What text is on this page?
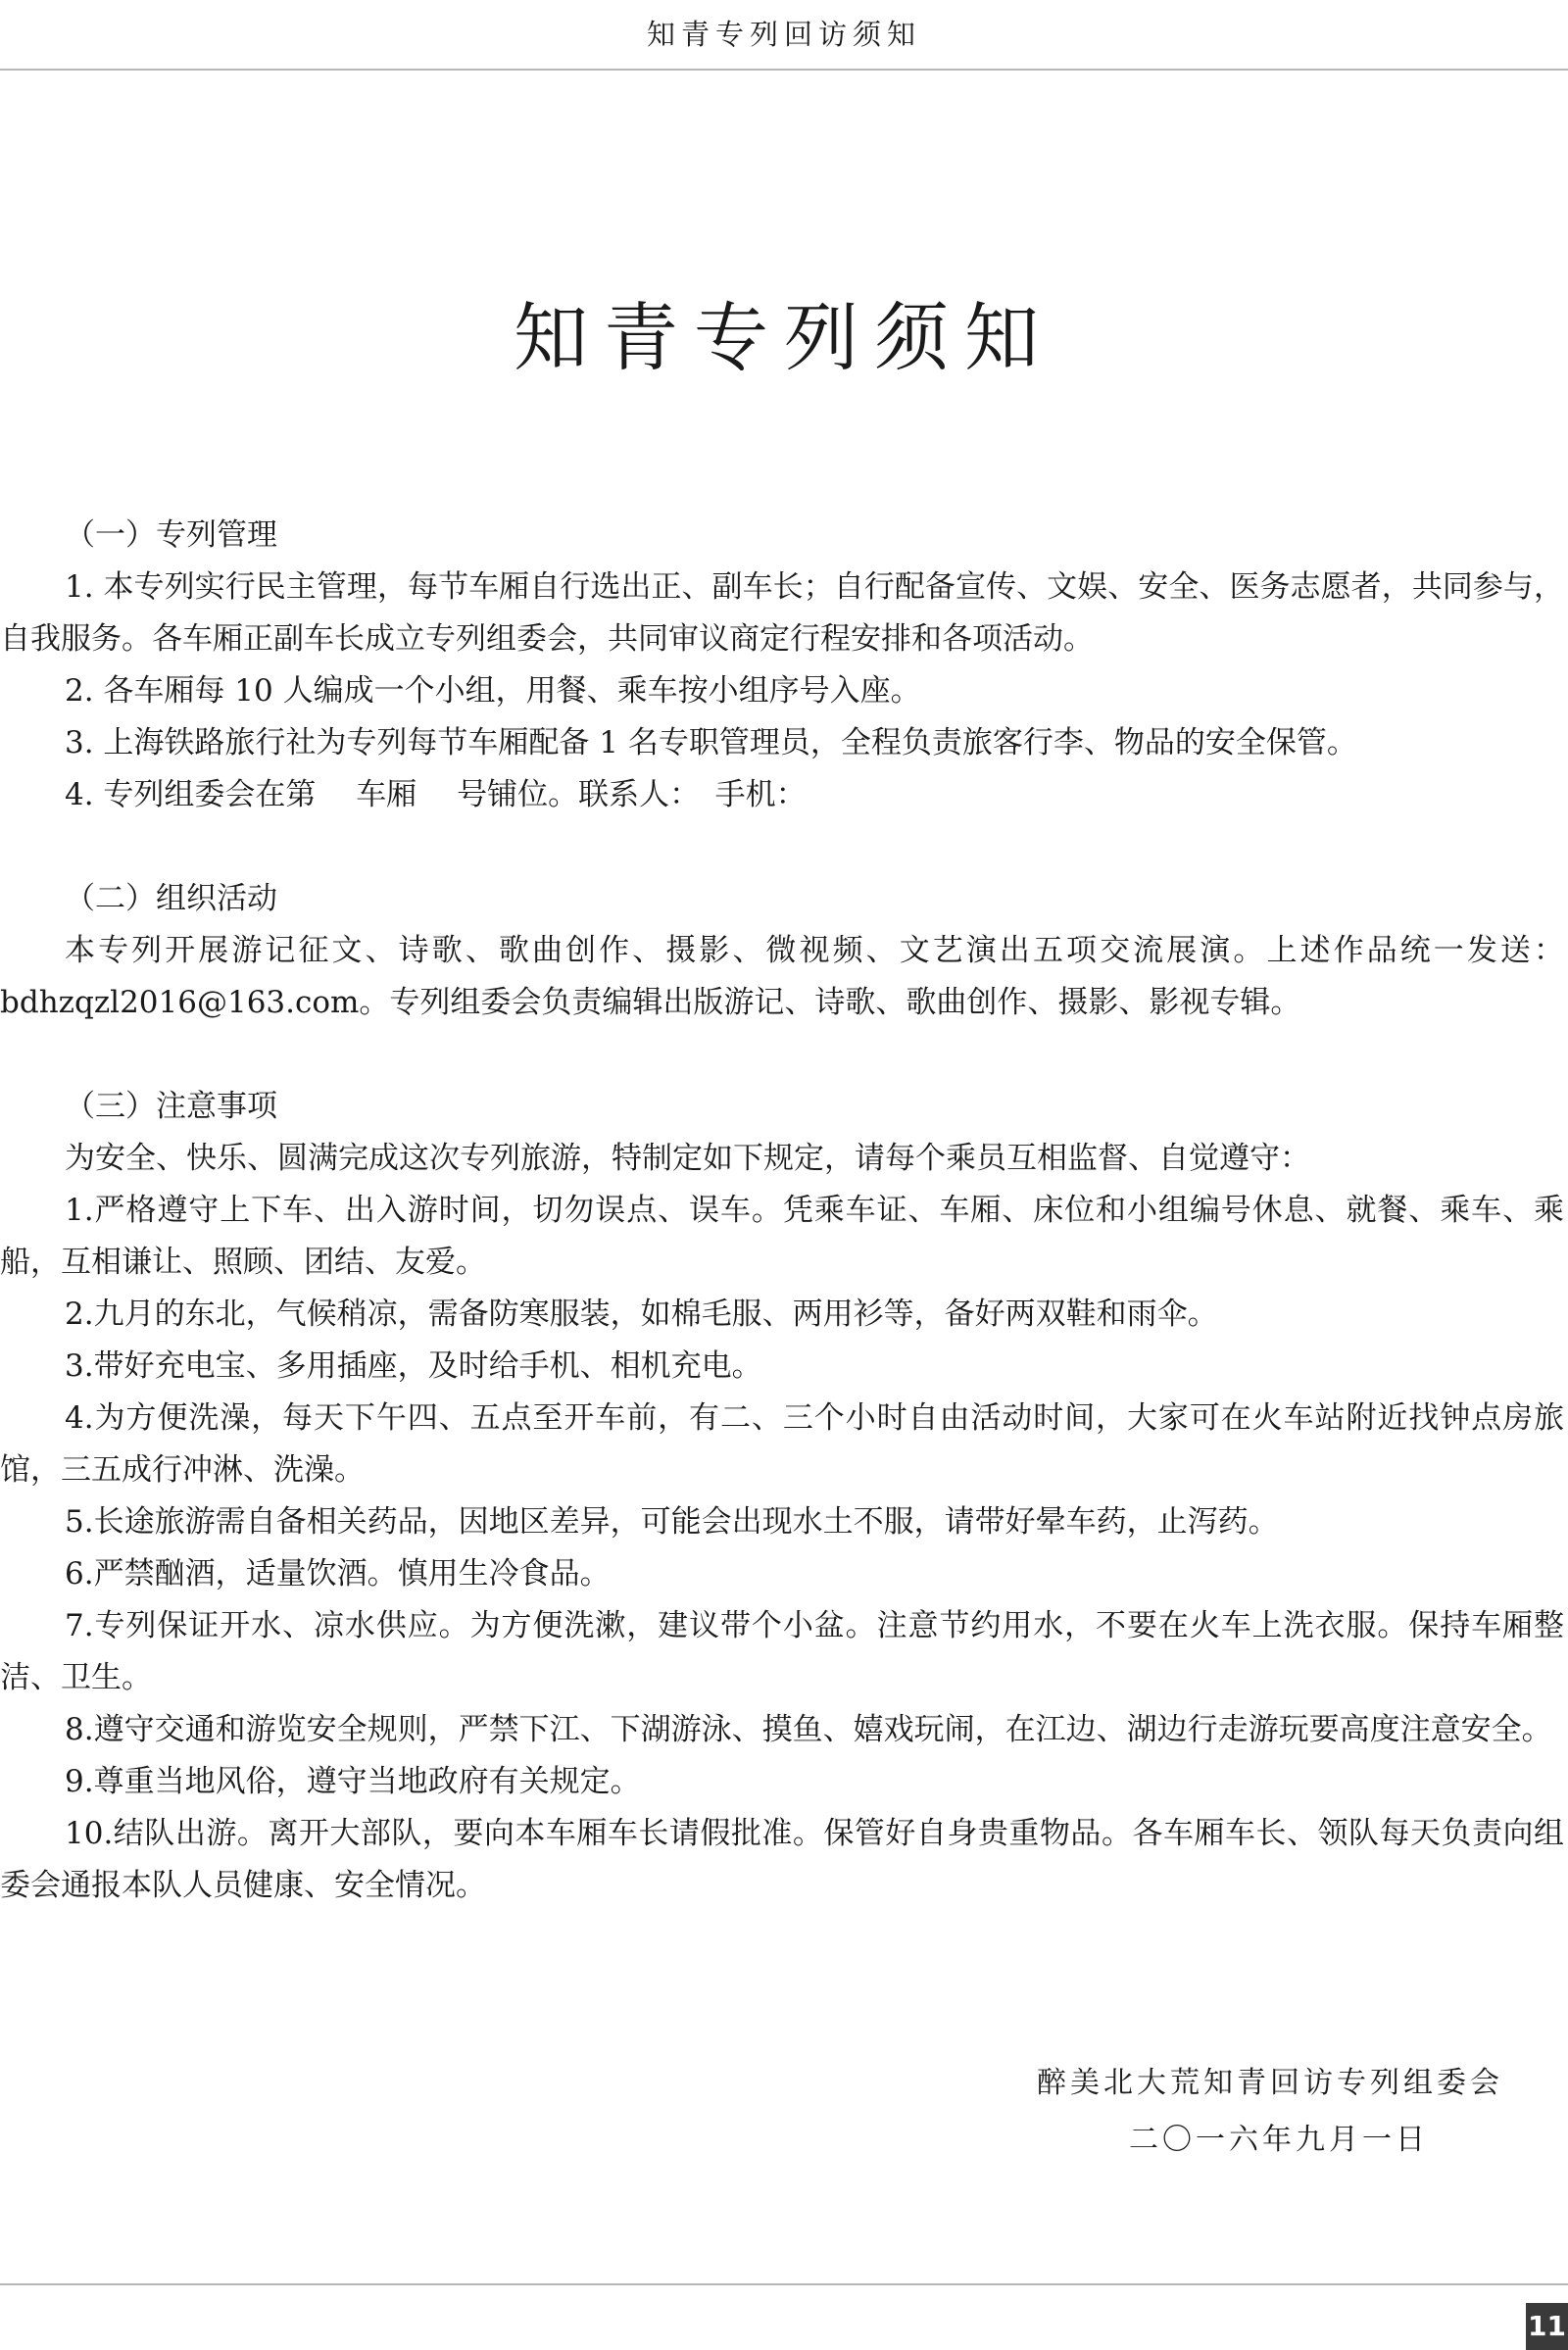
知青专列回访须知
知青专列须知
（一）专列管理

1. 本专列实行民主管理，每节车厢自行选出正、副车长；自行配备宣传、文娱、安全、医务志愿者，共同参与，自我服务。各车厢正副车长成立专列组委会，共同审议商定行程安排和各项活动。

2. 各车厢每 10 人编成一个小组，用餐、乘车按小组序号入座。

3. 上海铁路旅行社为专列每节车厢配备 1 名专职管理员，全程负责旅客行李、物品的安全保管。

4. 专列组委会在第　 车厢　 号铺位。联系人：　手机：

（二）组织活动

本专列开展游记征文、诗歌、歌曲创作、摄影、微视频、文艺演出五项交流展演。上述作品统一发送：bdhzqzl2016@163.com。专列组委会负责编辑出版游记、诗歌、歌曲创作、摄影、影视专辑。

（三）注意事项

为安全、快乐、圆满完成这次专列旅游，特制定如下规定，请每个乘员互相监督、自觉遵守：

1.严格遵守上下车、出入游时间，切勿误点、误车。凭乘车证、车厢、床位和小组编号休息、就餐、乘车、乘船，互相谦让、照顾、团结、友爱。

2.九月的东北，气候稍凉，需备防寒服装，如棉毛服、两用衫等，备好两双鞋和雨伞。

3.带好充电宝、多用插座，及时给手机、相机充电。

4.为方便洗澡，每天下午四、五点至开车前，有二、三个小时自由活动时间，大家可在火车站附近找钟点房旅馆，三五成行冲淋、洗澡。

5.长途旅游需自备相关药品，因地区差异，可能会出现水土不服，请带好晕车药，止泻药。

6.严禁酗酒，适量饮酒。慎用生冷食品。

7.专列保证开水、凉水供应。为方便洗漱，建议带个小盆。注意节约用水，不要在火车上洗衣服。保持车厢整洁、卫生。

8.遵守交通和游览安全规则，严禁下江、下湖游泳、摸鱼、嬉戏玩闹，在江边、湖边行走游玩要高度注意安全。

9.尊重当地风俗，遵守当地政府有关规定。

10.结队出游。离开大部队，要向本车厢车长请假批准。保管好自身贵重物品。各车厢车长、领队每天负责向组委会通报本队人员健康、安全情况。

醉美北大荒知青回访专列组委会
二〇一六年九月一日
11
